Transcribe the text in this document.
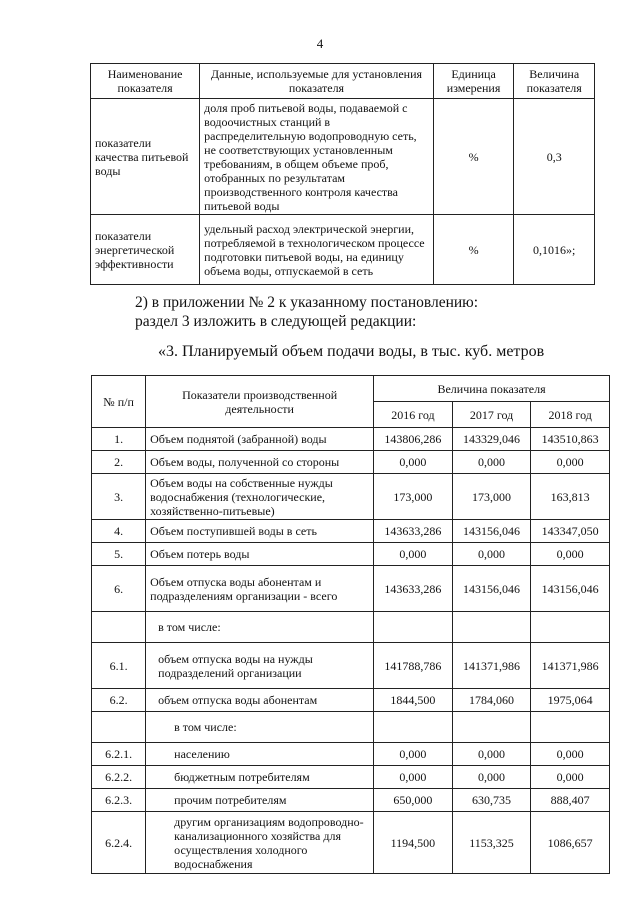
4
Наименование показателя	Данные, используемые для установления показателя	Единица измерения	Величина показателя
показатели качества питьевой воды	доля проб питьевой воды, подаваемой с водоочистных станций в распределительную водопроводную сеть, не соответствующих установленным требованиям, в общем объеме проб, отобранных по результатам производственного контроля качества питьевой воды	%	0,3
показатели энергетической эффективности	удельный расход электрической энергии, потребляемой в технологическом процессе подготовки питьевой воды, на единицу объема воды, отпускаемой в сеть	%	0,1016»;
2) в приложении № 2 к указанному постановлению:
раздел 3 изложить в следующей редакции:
«3. Планируемый объем подачи воды, в тыс. куб. метров
№ п/п	Показатели производственной деятельности	Величина показателя		
		2016 год	2017 год	2018 год
1.	Объем поднятой (забранной) воды	143806,286	143329,046	143510,863
2.	Объем воды, полученной со стороны	0,000	0,000	0,000
3.	Объем воды на собственные нужды водоснабжения (технологические, хозяйственно-питьевые)	173,000	173,000	163,813
4.	Объем поступившей воды в сеть	143633,286	143156,046	143347,050
5.	Объем потерь воды	0,000	0,000	0,000
6.	Объем отпуска воды абонентам и подразделениям организации - всего	143633,286	143156,046	143156,046
	в том числе:			
6.1.	объем отпуска воды на нужды подразделений организации	141788,786	141371,986	141371,986
6.2.	объем отпуска воды абонентам	1844,500	1784,060	1975,064
	в том числе:			
6.2.1.	населению	0,000	0,000	0,000
6.2.2.	бюджетным потребителям	0,000	0,000	0,000
6.2.3.	прочим потребителям	650,000	630,735	888,407
6.2.4.	другим организациям водопроводно-канализационного хозяйства для осуществления холодного водоснабжения	1194,500	1153,325	1086,657
